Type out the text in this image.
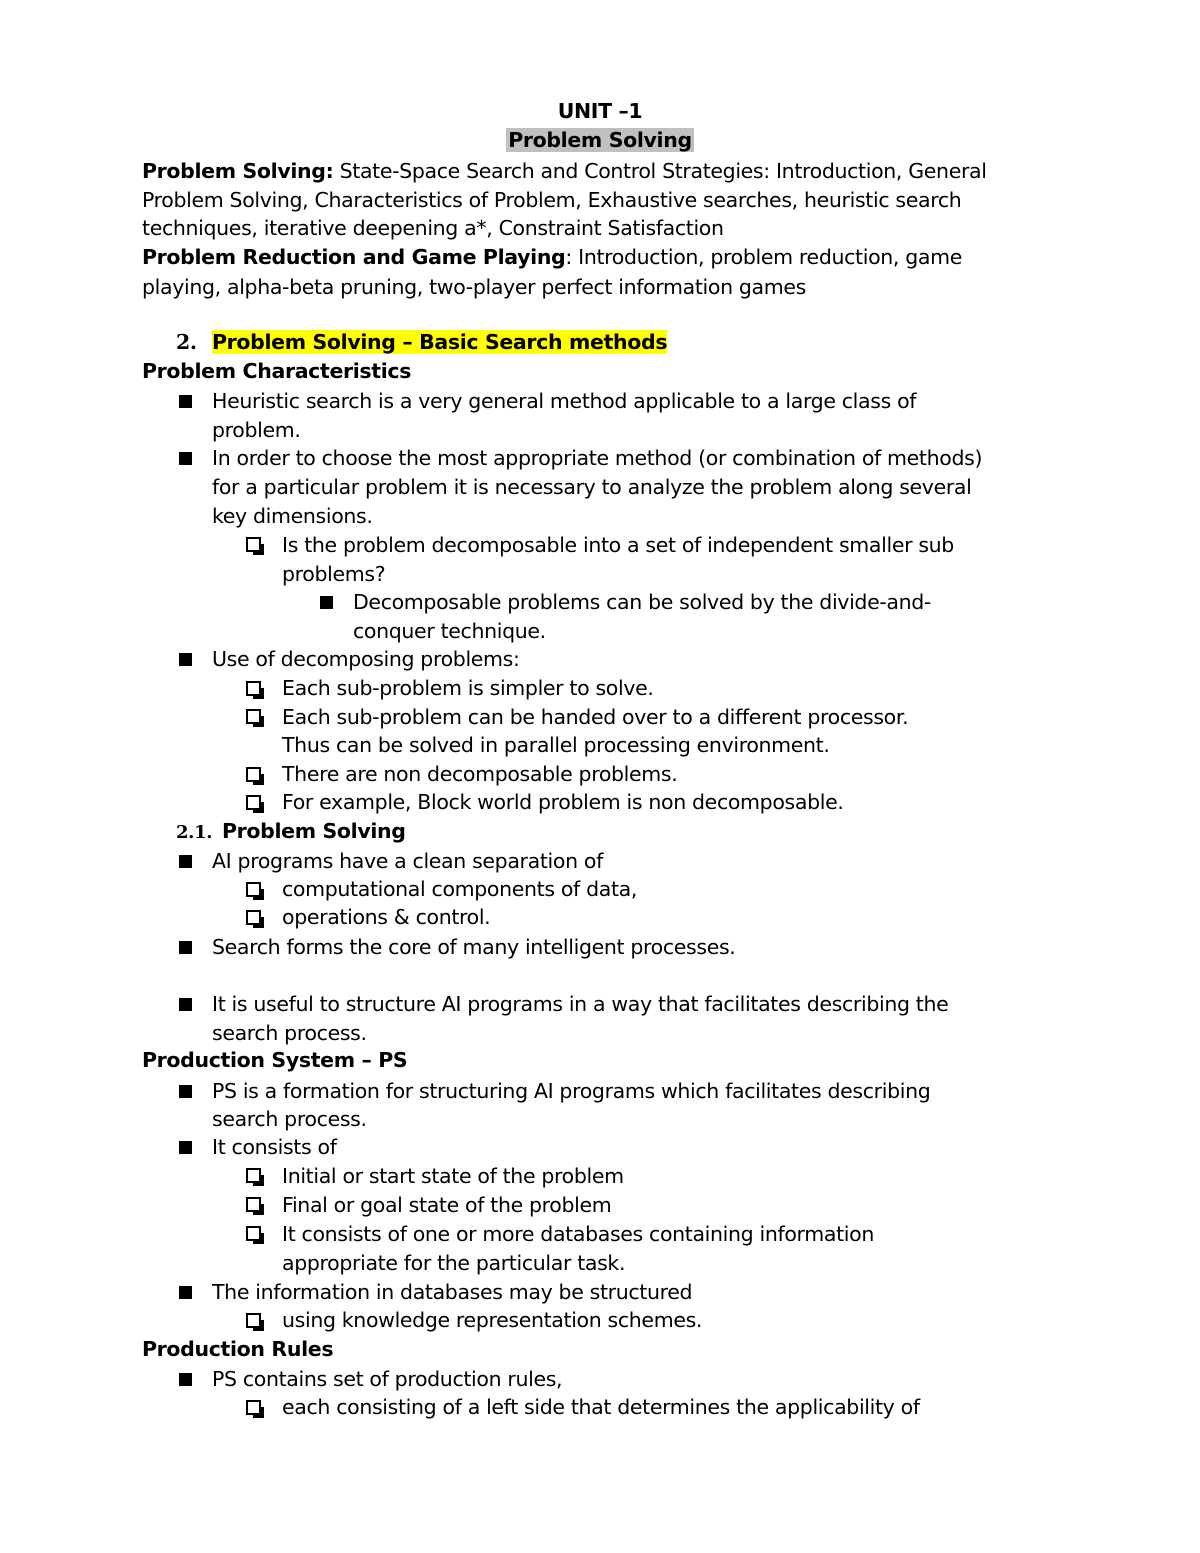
UNIT –1
Problem Solving
Problem Solving: State-Space Search and Control Strategies: Introduction, General
Problem Solving, Characteristics of Problem, Exhaustive searches, heuristic search
techniques, iterative deepening a*, Constraint Satisfaction
Problem Reduction and Game Playing: Introduction, problem reduction, game
playing, alpha-beta pruning, two-player perfect information games
2. Problem Solving – Basic Search methods
Problem Characteristics
Heuristic search is a very general method applicable to a large class of
problem.
In order to choose the most appropriate method (or combination of methods)
for a particular problem it is necessary to analyze the problem along several
key dimensions.
Is the problem decomposable into a set of independent smaller sub
problems?
Decomposable problems can be solved by the divide-and-
conquer technique.
Use of decomposing problems:
Each sub-problem is simpler to solve.
Each sub-problem can be handed over to a different processor.
Thus can be solved in parallel processing environment.
There are non decomposable problems.
For example, Block world problem is non decomposable.
2.1. Problem Solving
AI programs have a clean separation of
computational components of data,
operations & control.
Search forms the core of many intelligent processes.
It is useful to structure AI programs in a way that facilitates describing the
search process.
Production System – PS
PS is a formation for structuring AI programs which facilitates describing
search process.
It consists of
Initial or start state of the problem
Final or goal state of the problem
It consists of one or more databases containing information
appropriate for the particular task.
The information in databases may be structured
using knowledge representation schemes.
Production Rules
PS contains set of production rules,
each consisting of a left side that determines the applicability of
